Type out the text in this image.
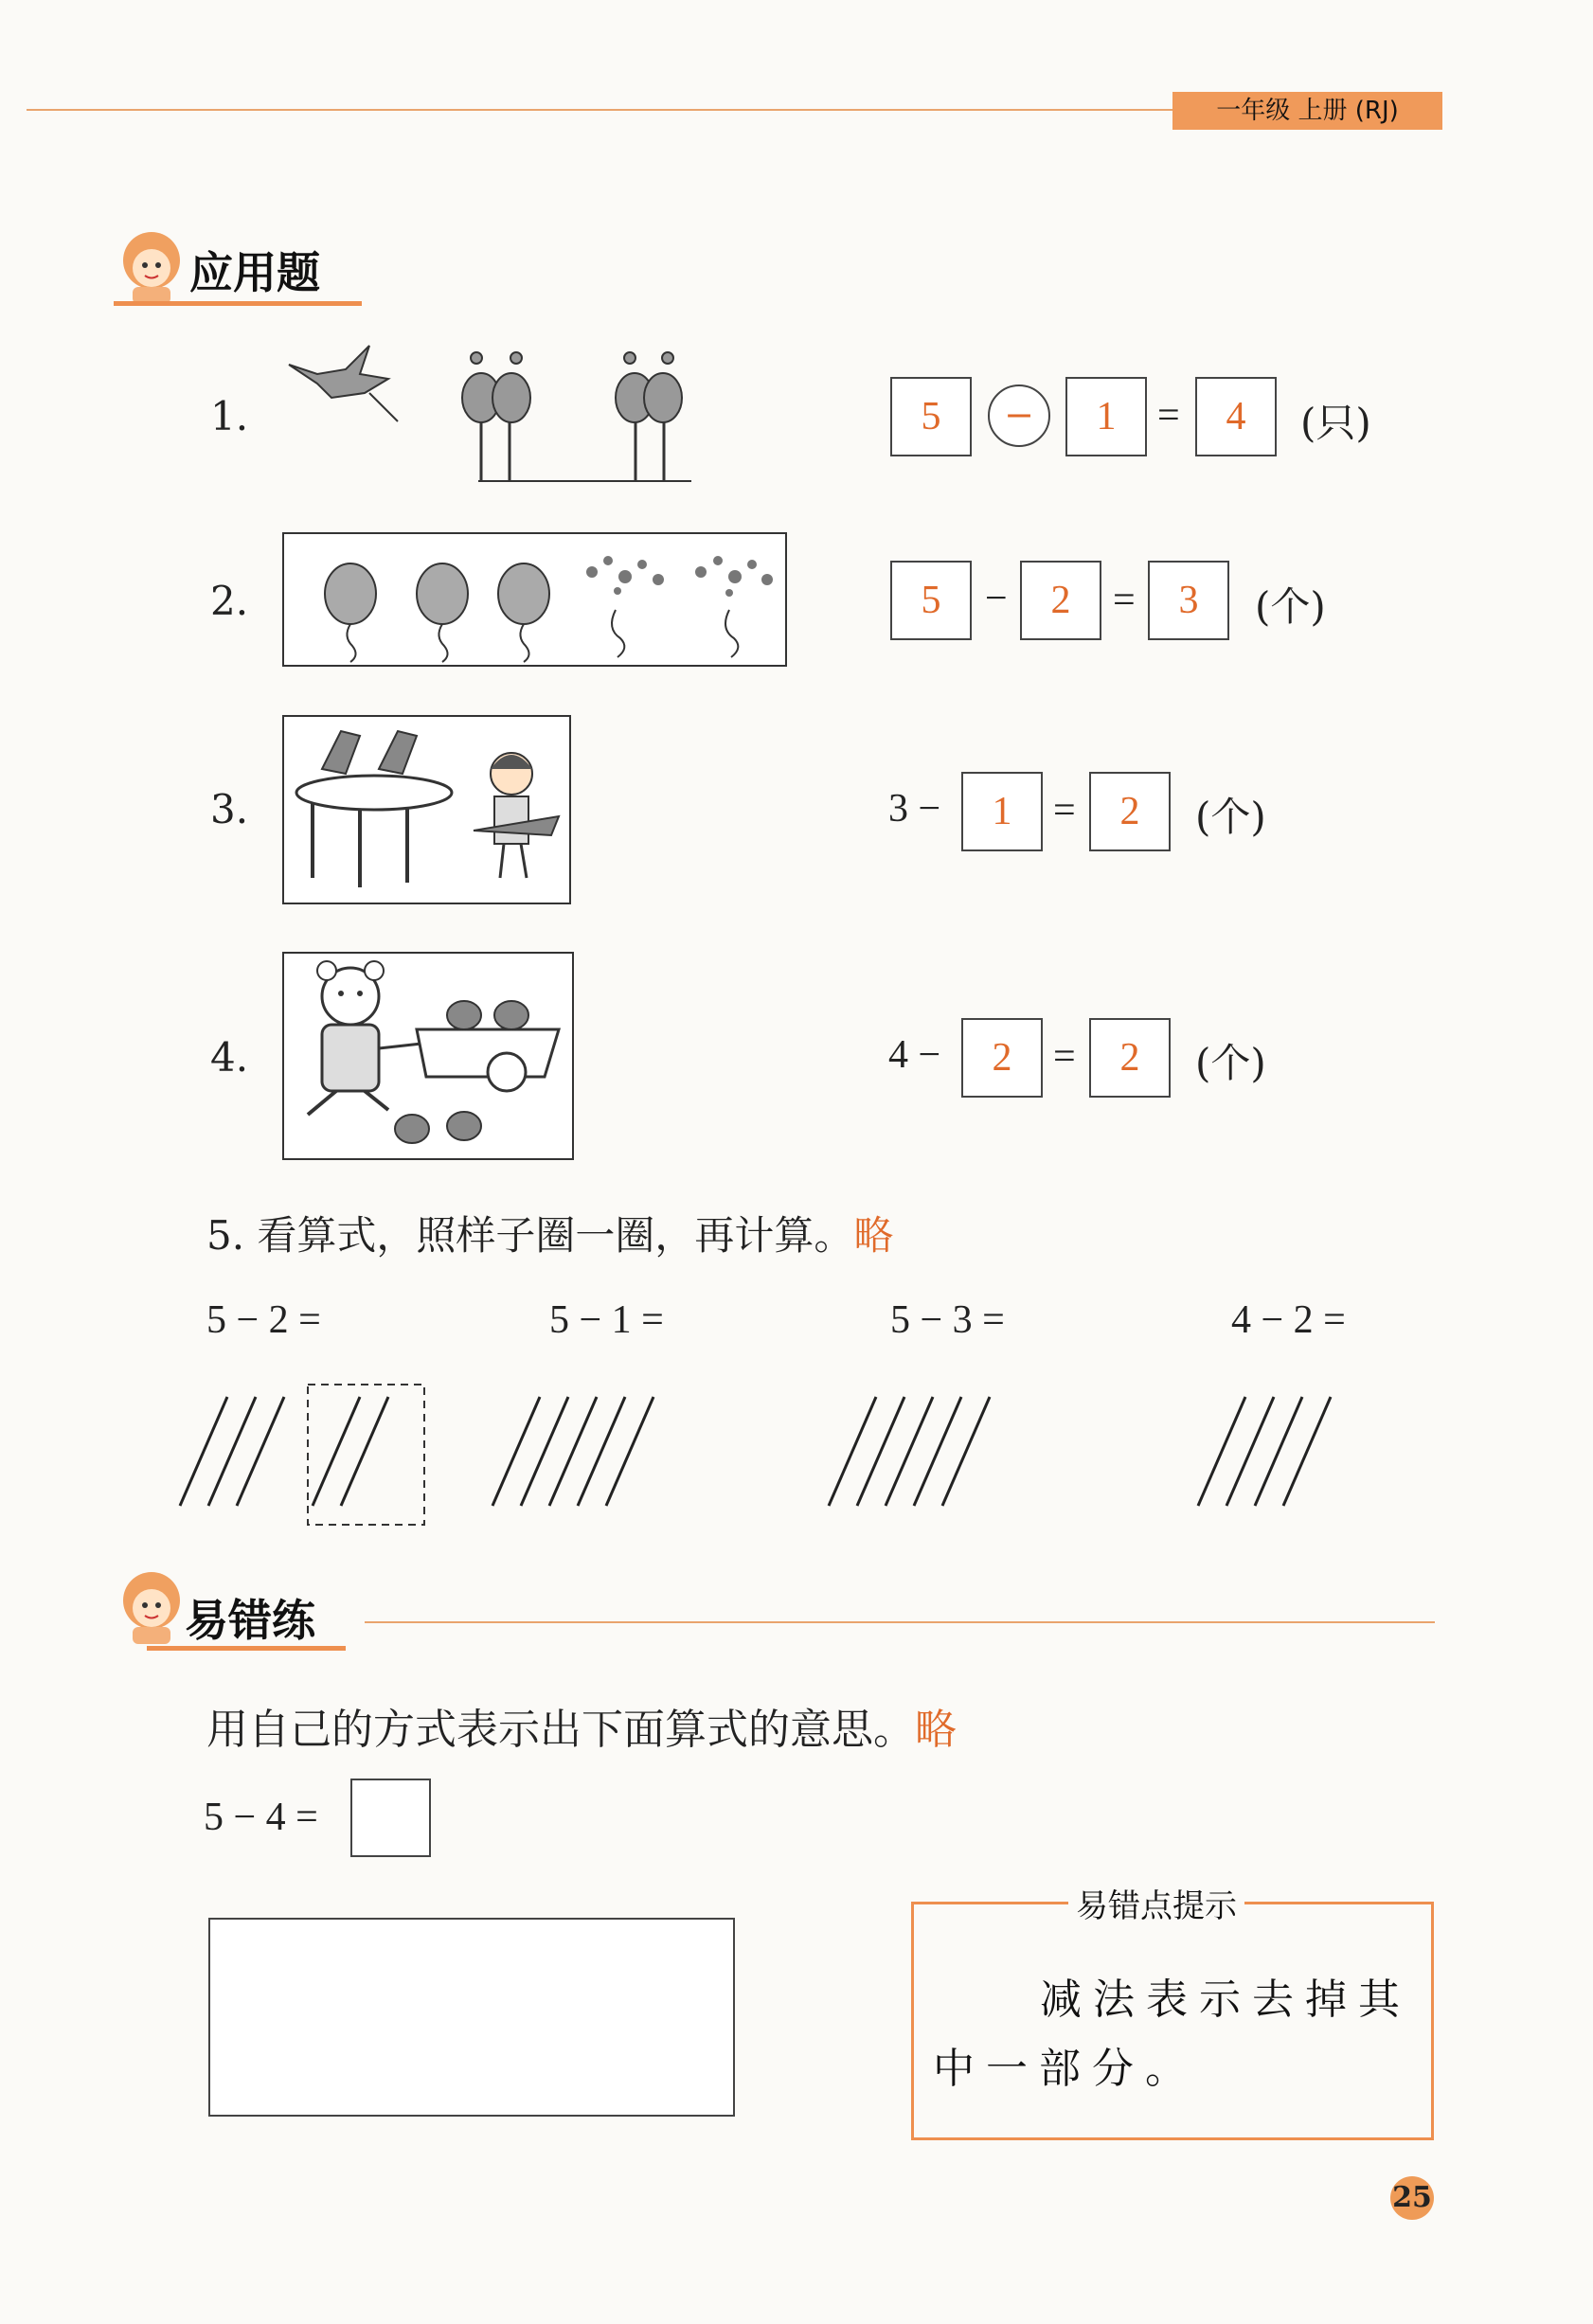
一年级 上册 (RJ)
应用题
1.	5	−	1	=	4	(只)
2.	5	−	2	=	3	(个)
3.	3 −	1	=	2	(个)
4.	4 −	2	=	2	(个)
5. 看算式，照样子圈一圈，再计算。略
5 − 2 =	5 − 1 =	5 − 3 =	4 − 2 =
易错练
用自己的方式表示出下面算式的意思。略
5 − 4 =
易错点提示
减法表示去掉其
中一部分。
25
